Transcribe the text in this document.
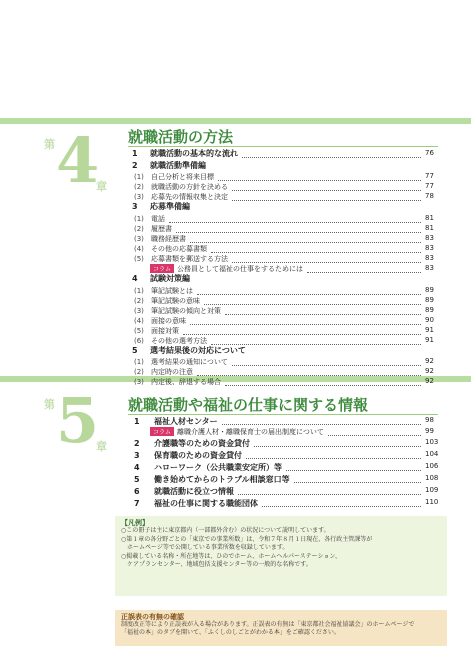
第 4
章
就職活動の方法
1 就職活動の基本的な流れ	76
2 就職活動準備編
(1) 自己分析と将来目標	77
(2) 就職活動の方針を決める	77
(3) 応募先の情報収集と決定	78
3 応募準備編
(1) 電話	81
(2) 履歴書	81
(3) 職務経歴書	83
(4) その他の応募書類	83
(5) 応募書類を郵送する方法	83
コラム 公務員として福祉の仕事をするためには	83
4 試験対策編
(1) 筆記試験とは	89
(2) 筆記試験の意味	89
(3) 筆記試験の傾向と対策	89
(4) 面接の意味	90
(5) 面接対策	91
(6) その他の選考方法	91
5 選考結果後の対応について
(1) 選考結果の通知について	92
(2) 内定時の注意	92
(3) 内定後、辞退する場合	92
第 5
章
就職活動や福祉の仕事に関する情報
1 福祉人材センター	98
コラム 離職介護人材・離職保育士の届出制度について	99
2 介護職等のための資金貸付	103
3 保育職のための資金貸付	104
4 ハローワーク（公共職業安定所）等	106
5 働き始めてからのトラブル相談窓口等	108
6 就職活動に役立つ情報	109
7 福祉の仕事に関する職能団体	110
【凡例】
○この冊子は主に東京都内（一部都外含む）の状況について説明しています。
○第１章の各分野ごとの「東京での事業所数」は、令和７年８月１日現在、各行政主管課等が
　ホームページ等で公開している事業所数を収録しています。
○掲載している名称・所在地等は、ひのでホーム、ホームヘルパーステーション、
　ケアプランセンター、地域包括支援センター等の一般的な名称です。
正誤表の有無の確認
制度改正等により正誤表が入る場合があります。正誤表の有無は「東京都社会福祉協議会」のホームページで
「福祉の本」のタブを開いて、「ふくしのしごとがわかる本」をご確認ください。
